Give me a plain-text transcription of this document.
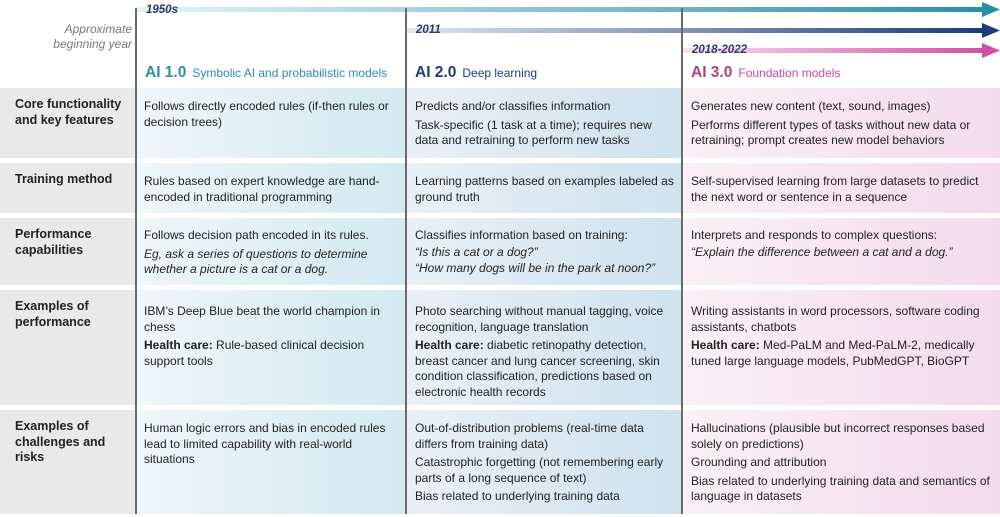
1950s
2011
2018-2022
Approximate beginning year
AI 1.0 Symbolic AI and probabilistic models AI 2.0 Deep learning	AI 3.0 Foundation models
Core functionality and key features
Training method
Performance capabilities
Examples of performance
Examples of challenges and risks

Follows directly encoded rules (if-then rules or decision trees)

Predicts and/or classifies information

Task-specific (1 task at a time); requires new data and retraining to perform new tasks

Generates new content (text, sound, images)

Performs different types of tasks without new data or retraining; prompt creates new model behaviors

Rules based on expert knowledge are hand-encoded in traditional programming

Learning patterns based on examples labeled as ground truth

Self-supervised learning from large datasets to predict the next word or sentence in a sequence

Follows decision path encoded in its rules.

Eg, ask a series of questions to determine whether a picture is a cat or a dog.

Classifies information based on training:

“Is this a cat or a dog?”

“How many dogs will be in the park at noon?”

Interprets and responds to complex questions:

“Explain the difference between a cat and a dog.”

IBM’s Deep Blue beat the world champion in chess

Health care: Rule-based clinical decision support tools

Photo searching without manual tagging, voice recognition, language translation

Health care: diabetic retinopathy detection, breast cancer and lung cancer screening, skin condition classification, predictions based on electronic health records

Writing assistants in word processors, software coding assistants, chatbots

Health care: Med-PaLM and Med-PaLM-2, medically tuned large language models, PubMedGPT, BioGPT

Human logic errors and bias in encoded rules lead to limited capability with real-world situations

Out-of-distribution problems (real-time data differs from training data)

Catastrophic forgetting (not remembering early parts of a long sequence of text)

Bias related to underlying training data

Hallucinations (plausible but incorrect responses based solely on predictions)

Grounding and attribution

Bias related to underlying training data and semantics of language in datasets
